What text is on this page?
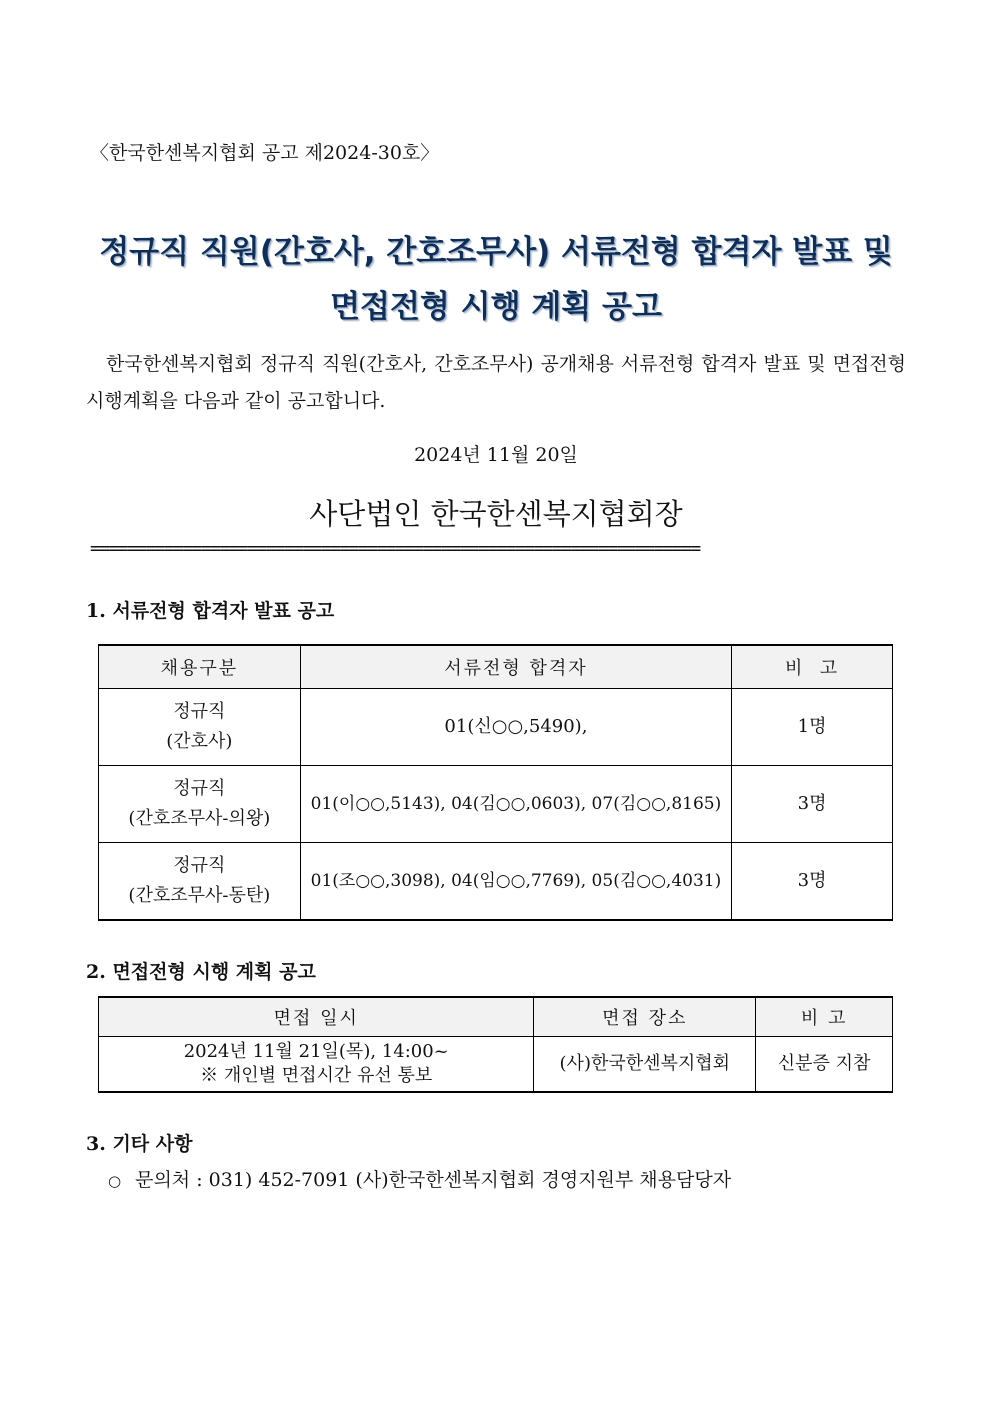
〈한국한센복지협회 공고 제2024-30호〉
정규직 직원(간호사, 간호조무사) 서류전형 합격자 발표 및
면접전형 시행 계획 공고
한국한센복지협회 정규직 직원(간호사, 간호조무사) 공개채용 서류전형 합격자 발표 및 면접전형 시행계획을 다음과 같이 공고합니다.
2024년 11월 20일
사단법인 한국한센복지협회장
==================================================================
1. 서류전형 합격자 발표 공고
채용구분	서류전형 합격자	비  고

정규직
(간호사)	01(신○○,5490),	1명

정규직
(간호조무사-의왕)	01(이○○,5143), 04(김○○,0603), 07(김○○,8165)	3명

정규직
(간호조무사-동탄)	01(조○○,3098), 04(임○○,7769), 05(김○○,4031)	3명
2. 면접전형 시행 계획 공고
면접 일시	면접 장소	비 고

2024년 11월 21일(목), 14:00~
※ 개인별 면접시간 유선 통보	(사)한국한센복지협회	신분증 지참
3. 기타 사항
○ 문의처 : 031) 452-7091 (사)한국한센복지협회 경영지원부 채용담당자
